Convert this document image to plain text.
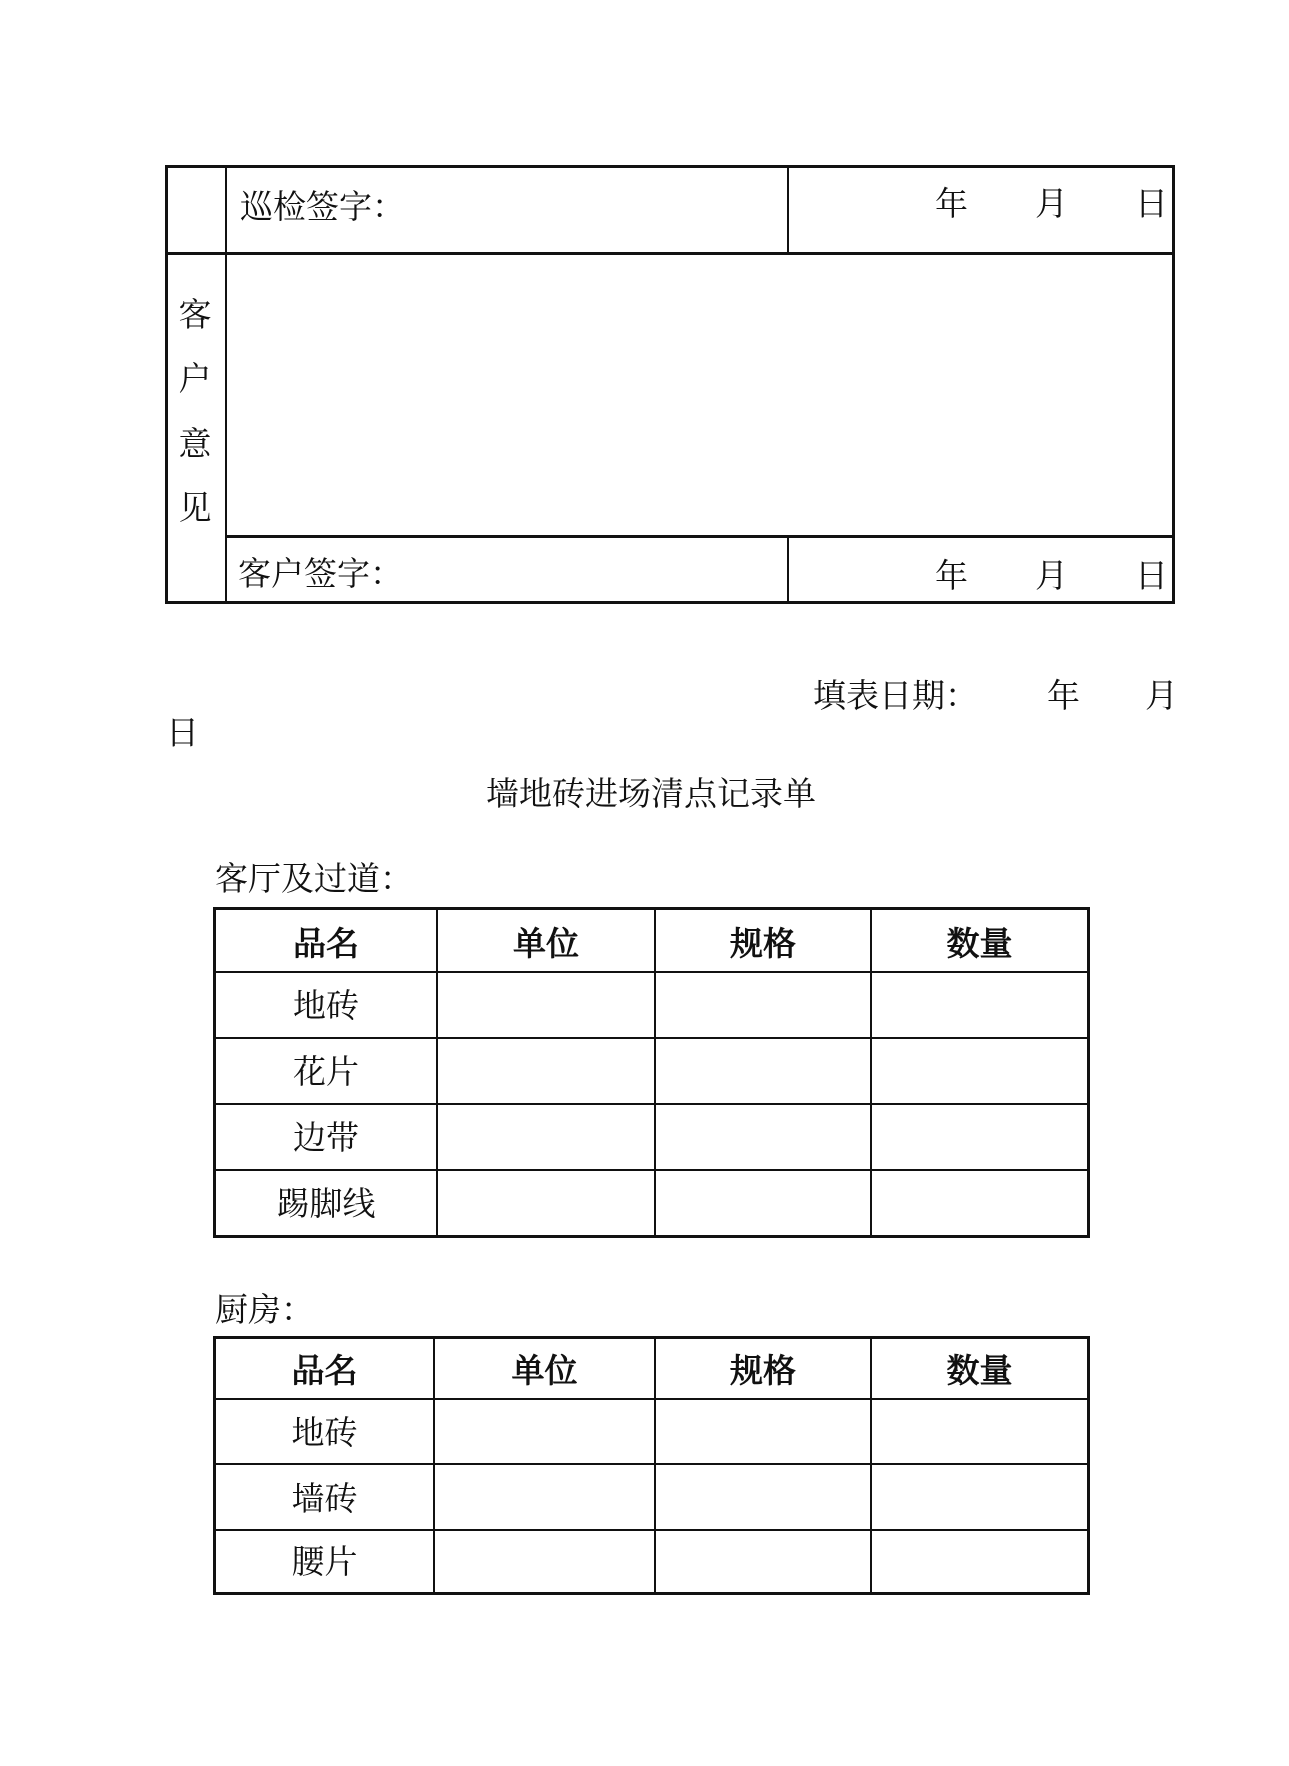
巡检签字：	年 月 日
客
户
意
见
客户签字：	年 月 日
填表日期： 年 月
日
墙地砖进场清点记录单
客厅及过道：
品名	单位	规格	数量
地砖
花片
边带
踢脚线
厨房：
品名	单位	规格	数量
地砖
墙砖
腰片
